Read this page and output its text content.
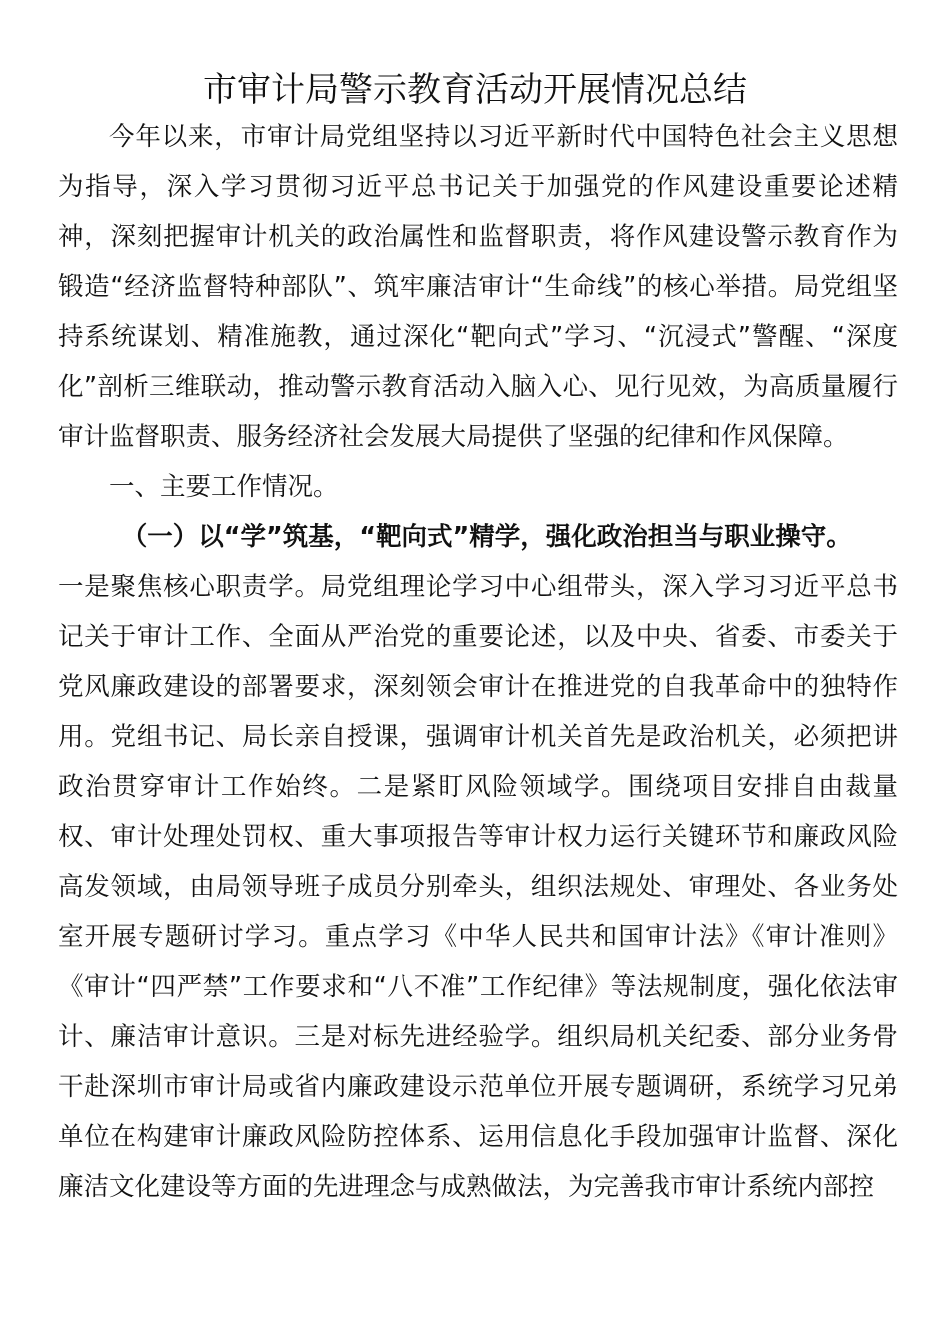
市审计局警示教育活动开展情况总结

今年以来，市审计局党组坚持以习近平新时代中国特色社会主义思想为指导，深入学习贯彻习近平总书记关于加强党的作风建设重要论述精神，深刻把握审计机关的政治属性和监督职责，将作风建设警示教育作为锻造“经济监督特种部队”、筑牢廉洁审计“生命线”的核心举措。局党组坚持系统谋划、精准施教，通过深化“靶向式”学习、“沉浸式”警醒、“深度化”剖析三维联动，推动警示教育活动入脑入心、见行见效，为高质量履行审计监督职责、服务经济社会发展大局提供了坚强的纪律和作风保障。

一、主要工作情况。

（一）以“学”筑基，“靶向式”精学，强化政治担当与职业操守。

一是聚焦核心职责学。局党组理论学习中心组带头，深入学习习近平总书记关于审计工作、全面从严治党的重要论述，以及中央、省委、市委关于党风廉政建设的部署要求，深刻领会审计在推进党的自我革命中的独特作用。党组书记、局长亲自授课，强调审计机关首先是政治机关，必须把讲政治贯穿审计工作始终。二是紧盯风险领域学。围绕项目安排自由裁量权、审计处理处罚权、重大事项报告等审计权力运行关键环节和廉政风险高发领域，由局领导班子成员分别牵头，组织法规处、审理处、各业务处室开展专题研讨学习。重点学习《中华人民共和国审计法》《审计准则》《审计“四严禁”工作要求和“八不准”工作纪律》等法规制度，强化依法审计、廉洁审计意识。三是对标先进经验学。组织局机关纪委、部分业务骨干赴深圳市审计局或省内廉政建设示范单位开展专题调研，系统学习兄弟单位在构建审计廉政风险防控体系、运用信息化手段加强审计监督、深化廉洁文化建设等方面的先进理念与成熟做法，为完善我市审计系统内部控
